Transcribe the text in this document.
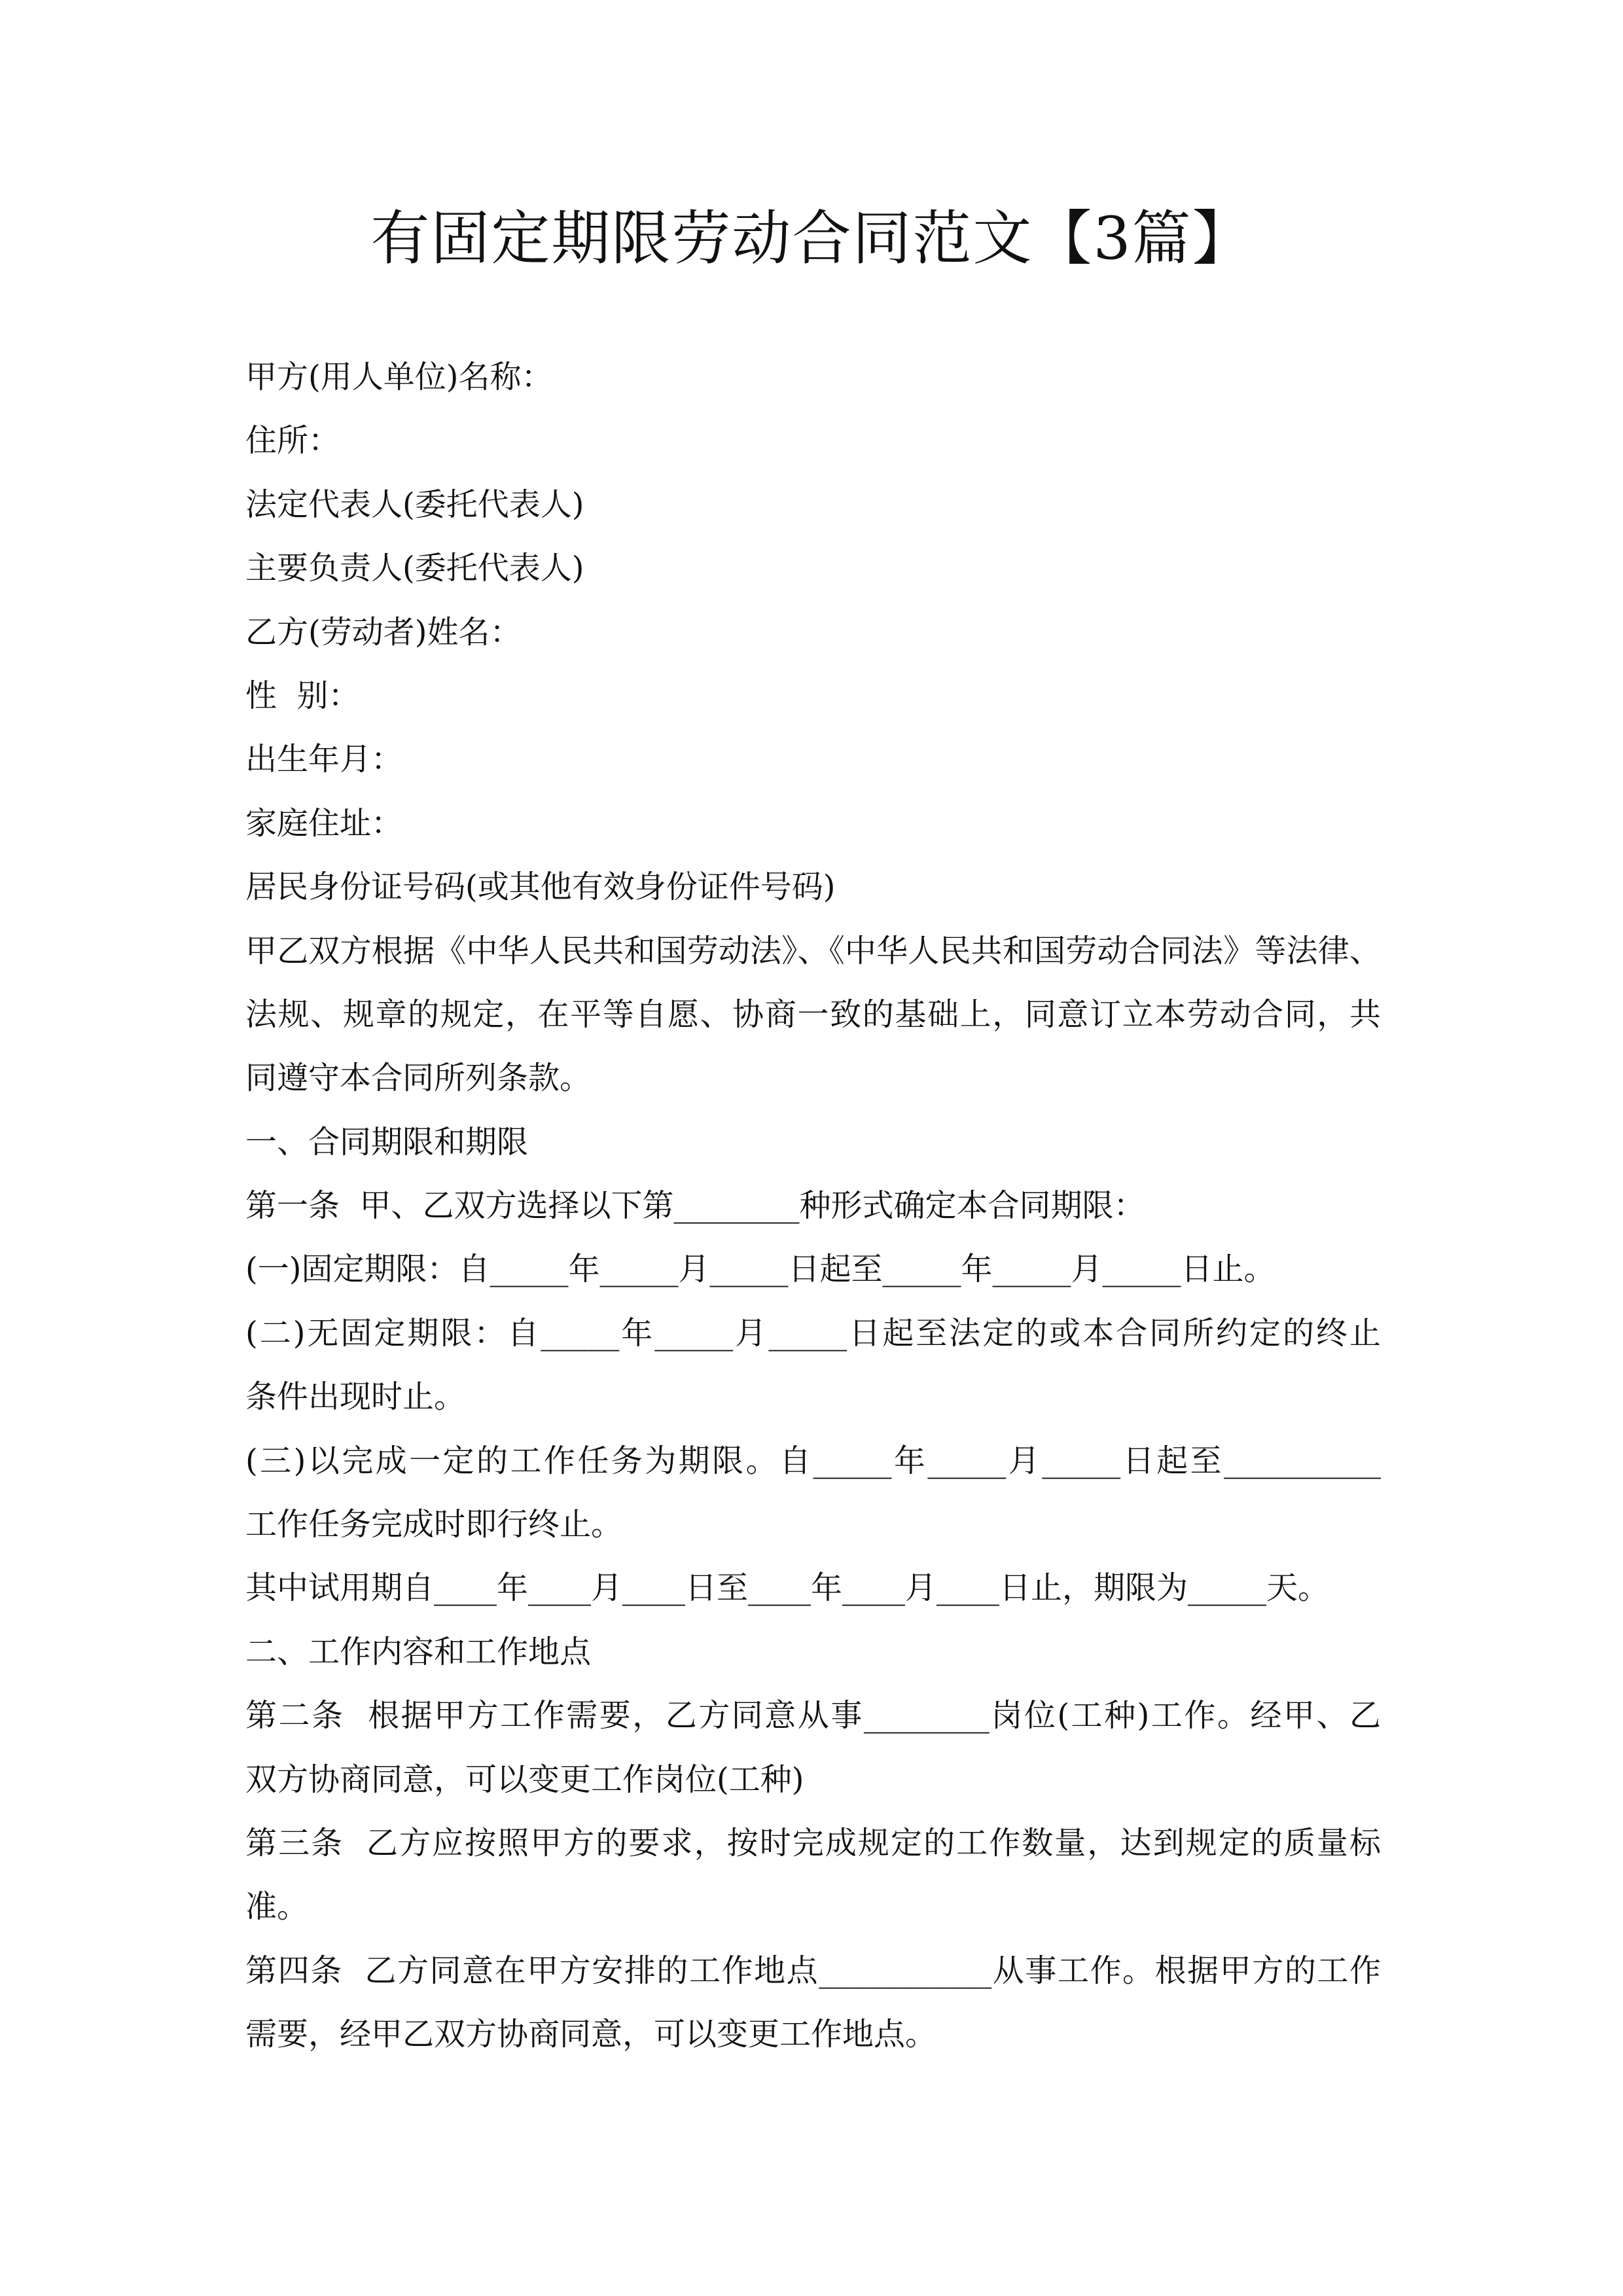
有固定期限劳动合同范文【3篇】
甲方(用人单位)名称：
住所：
法定代表人(委托代表人)
主要负责人(委托代表人)
乙方(劳动者)姓名：
性  别：
出生年月：
家庭住址：
居民身份证号码(或其他有效身份证件号码)
甲乙双方根据《中华人民共和国劳动法》、《中华人民共和国劳动合同法》等法律、
法规、规章的规定，在平等自愿、协商一致的基础上，同意订立本劳动合同，共
同遵守本合同所列条款。
一、合同期限和期限
第一条  甲、乙双方选择以下第________种形式确定本合同期限：
(一)固定期限：自_____年_____月_____日起至_____年_____月_____日止。
(二)无固定期限：自_____年_____月_____日起至法定的或本合同所约定的终止
条件出现时止。
(三)以完成一定的工作任务为期限。自_____年_____月_____日起至__________
工作任务完成时即行终止。
其中试用期自____年____月____日至____年____月____日止，期限为_____天。
二、工作内容和工作地点
第二条  根据甲方工作需要，乙方同意从事________岗位(工种)工作。经甲、乙
双方协商同意，可以变更工作岗位(工种)
第三条  乙方应按照甲方的要求，按时完成规定的工作数量，达到规定的质量标
准。
第四条  乙方同意在甲方安排的工作地点___________从事工作。根据甲方的工作
需要，经甲乙双方协商同意，可以变更工作地点。
